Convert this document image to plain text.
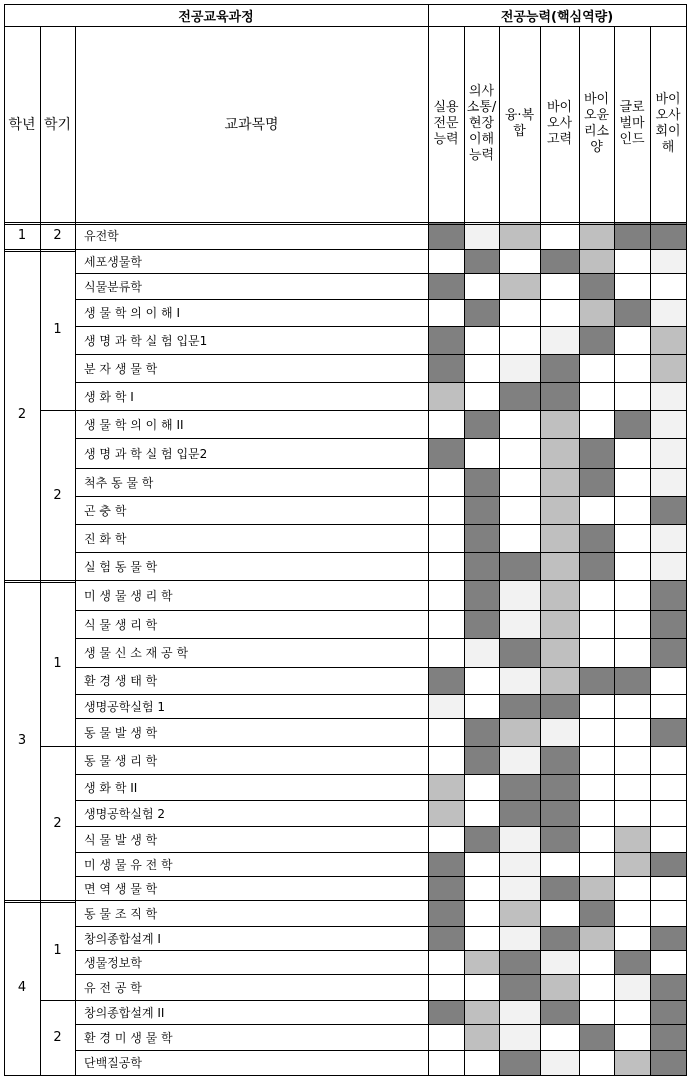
전공교육과정	전공능력(핵심역량)
학년 학기	교과목명
실용
전문
능력
의사
소통/
현장
이해
능력
융·복
합
바이
오사
고력
바이
오윤
리소
양
글로
벌마
인드
바이
오사
회이
해
유전학
2
1
세포생물학
식물분류학
생 물 학 의 이 해 I
생 명 과 학 실 험 입문1
분 자 생 물 학
생 화 학 I
1
생 물 학 의 이 해 II
생 명 과 학 실 험 입문2
척추 동 물 학
곤 충 학
진 화 학
실 험 동 물 학
2
2
미 생 물 생 리 학
식 물 생 리 학
생 물 신 소 재 공 학
환 경 생 태 학
생명공학실험 1
동 물 발 생 학
1
동 물 생 리 학
생 화 학 II
생명공학실험 2
식 물 발 생 학
미 생 물 유 전 학
면 역 생 물 학
2
3
동 물 조 직 학
창의종합설계 I
생물정보학
유 전 공 학
1
창의종합설계 II
환 경 미 생 물 학
단백질공학
2
4
